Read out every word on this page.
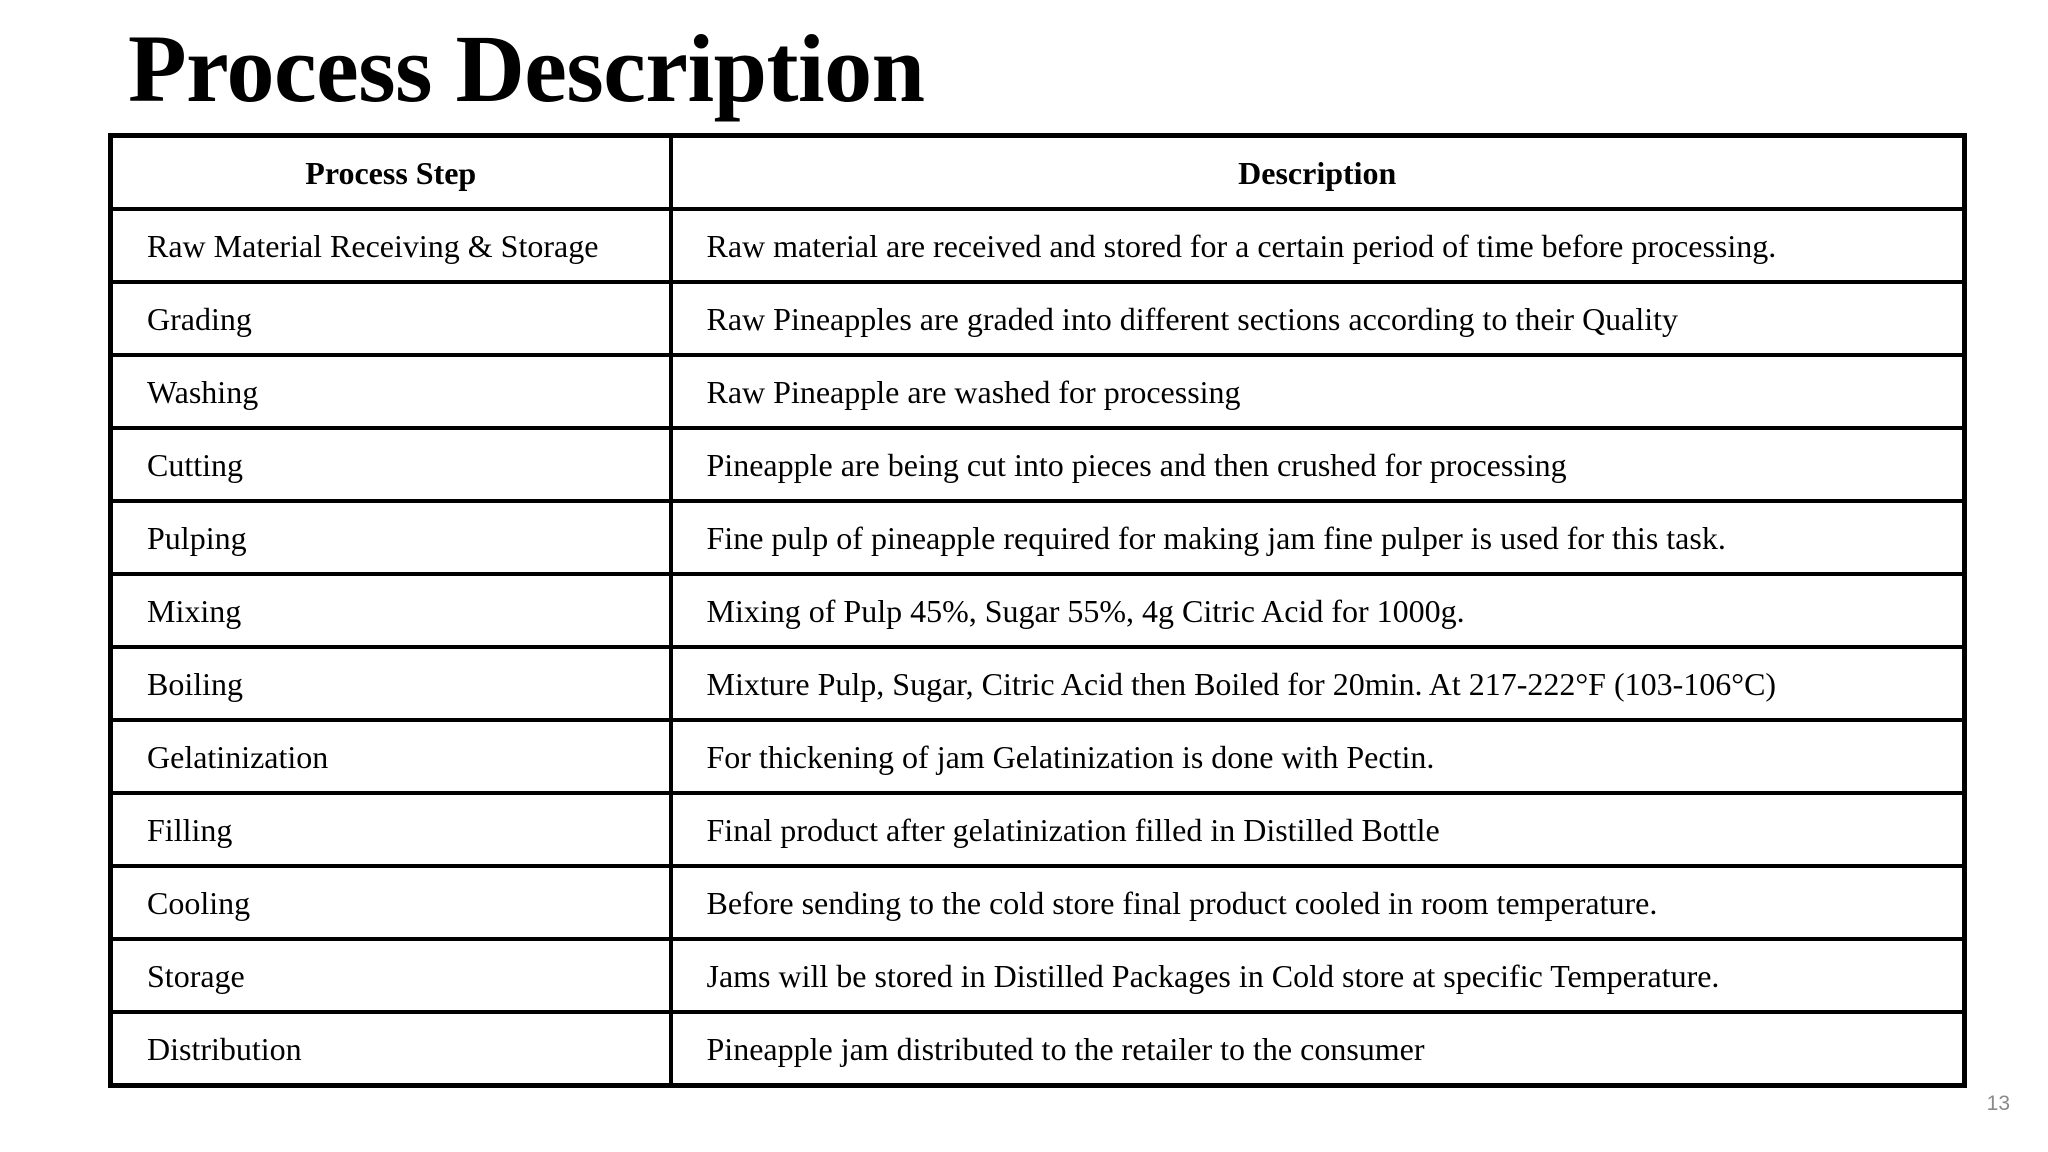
Process Description
Process Step	Description
Raw Material Receiving & Storage	Raw material are received and stored for a certain period of time before processing.
Grading	Raw Pineapples are graded into different sections according to their Quality
Washing	Raw Pineapple are washed for processing
Cutting	Pineapple are being cut into pieces and then crushed for processing
Pulping	Fine pulp of pineapple required for making jam fine pulper is used for this task.
Mixing	Mixing of Pulp 45%, Sugar 55%, 4g Citric Acid for 1000g.
Boiling	Mixture Pulp, Sugar, Citric Acid then Boiled for 20min. At 217-222°F (103-106°C)
Gelatinization	For thickening of jam Gelatinization is done with Pectin.
Filling	Final product after gelatinization filled in Distilled Bottle
Cooling	Before sending to the cold store final product cooled in room temperature.
Storage	Jams will be stored in Distilled Packages in Cold store at specific Temperature.
Distribution	Pineapple jam distributed to the retailer to the consumer
13
